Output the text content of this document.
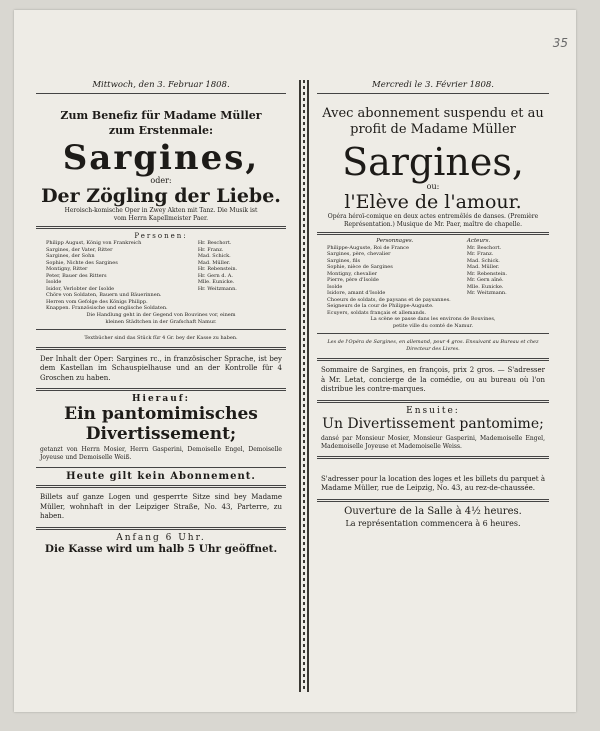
35
Mittwoch, den 3. Februar 1808.
Zum Benefiz für Madame Müller
zum Erstenmale:
Sargines,
oder:
Der Zögling der Liebe.
Heroisch-komische Oper in Zwey Akten mit Tanz. Die Musik ist
vom Herrn Kapellmeister Paer.
Personen:
Philipp August, König von Frankreich	Hr. Beschort.
Sargines, der Vater, Ritter	Hr. Franz.
Sargines, der Sohn	Mad. Schick.
Sophie, Nichte des Sargines	Mad. Müller.
Montigny, Ritter	Hr. Rebenstein.
Peter, Bauer des Ritters	Hr. Gern d. A.
Isolde	Mlle. Eunicke.
Isidor, Verlobter der Isolde	Hr. Weitzmann.
Chöre von Soldaten, Bauern und Bäuerinnen.
Herren vom Gefolge des Königs Philipp.
Knappen. Französische und englische Soldaten.
Die Handlung geht in der Gegend von Bouvines vor, einem
kleinen Städtchen in der Grafschaft Namur.
Textbücher sind das Stück für 4 Gr. bey der Kasse zu haben.
Der Inhalt der Oper: Sargines rc., in französischer Sprache, ist bey dem Kastellan im Schauspielhause und an der Kontrolle für 4 Groschen zu haben.
Hierauf:
Ein pantomimisches Divertissement;
getanzt von Herrn Mosier, Herrn Gasperini, Demoiselle Engel, Demoiselle Joyeuse und Demoiselle Weiß.
Heute gilt kein Abonnement.
Billets auf ganze Logen und gesperrte Sitze sind bey Madame Müller, wohnhaft in der Leipziger Straße, No. 43, Parterre, zu haben.
Anfang 6 Uhr.
Die Kasse wird um halb 5 Uhr geöffnet.
Mercredi le 3. Février 1808.
Avec abonnement suspendu et au
profit de Madame Müller
Sargines,
ou:
l'Elève de l'amour.
Opéra héroï-comique en deux actes entremêlés de danses. (Première
Représentation.) Musique de Mr. Paer, maître de chapelle.
Personnages.	Acteurs.
Philippe-Auguste, Roi de France	Mr. Beschort.
Sargines, père, chevalier	Mr. Franz.
Sargines, fils	Mad. Schick.
Sophie, nièce de Sargines	Mad. Müller.
Montigny, chevalier	Mr. Rebenstein.
Pierre, père d'Isolde	Mr. Gern aîné.
Isolde	Mlle. Eunicke.
Isidore, amant d'Isolde	Mr. Weitzmann.
Choeurs de soldats, de paysans et de paysannes.
Seigneurs de la cour de Philippe-Auguste.
Ecuyers, soldats français et allemands.
La scène se passe dans les environs de Bouvines,
petite ville du comté de Namur.
Les de l'Opéra de Sargines, en allemand, pour 4 gros. Ensuivant au Bureau et chez Directeur des Livres.
Sommaire de Sargines, en françois, prix 2 gros. — S'adresser à Mr. Letat, concierge de la comédie, ou au bureau où l'on distribue les contre-marques.
Ensuite:
Un Divertissement pantomime;
dansé par Monsieur Mosier, Monsieur Gasperini, Mademoiselle Engel, Mademoiselle Joyeuse et Mademoiselle Weiss.
S'adresser pour la location des loges et les billets du parquet à Madame Müller, rue de Leipzig, No. 43, au rez-de-chaussée.
Ouverture de la Salle à 4½ heures.
La représentation commencera à 6 heures.
